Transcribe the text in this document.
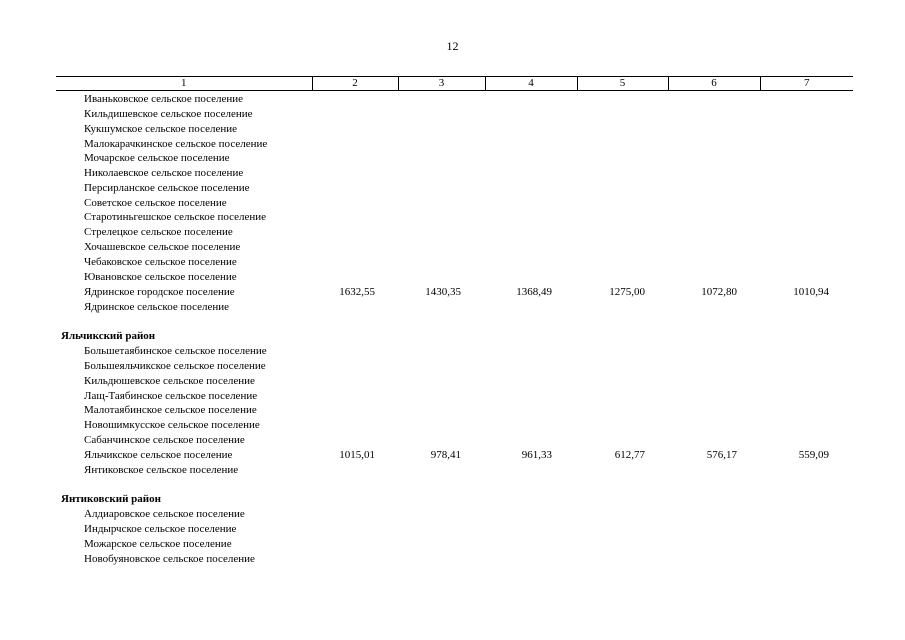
12
1	2	3	4	5	6	7
Иваньковское сельское поселение
Кильдишевское сельское поселение
Кукшумское сельское поселение
Малокарачкинское сельское поселение
Мочарское сельское поселение
Николаевское сельское поселение
Персирланское сельское поселение
Советское сельское поселение
Старотиньгешское сельское поселение
Стрелецкое сельское поселение
Хочашевское сельское поселение
Чебаковское сельское поселение
Ювановское сельское поселение
Ядринское городское поселение	1632,55	1430,35	1368,49	1275,00	1072,80	1010,94
Ядринское сельское поселение
Яльчикский район
Большетаябинское сельское поселение
Большеяльчикское сельское поселение
Кильдюшевское сельское поселение
Лащ-Таябинское сельское поселение
Малотаябинское сельское поселение
Новошимкусское сельское поселение
Сабанчинское сельское поселение
Яльчикское сельское поселение	1015,01	978,41	961,33	612,77	576,17	559,09
Янтиковское сельское поселение
Янтиковский район
Алдиаровское сельское поселение
Индырчское сельское поселение
Можарское сельское поселение
Новобуяновское сельское поселение
